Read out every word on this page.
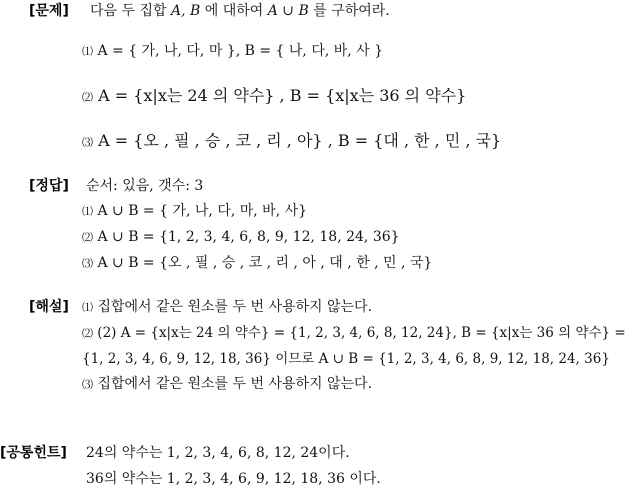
[문제] 다음 두 집합 A, B 에 대하여 A ∪ B 를 구하여라.
⑴ A = { 가, 나, 다, 마 }, B = { 나, 다, 바, 사 }
⑵ A = {x|x는 24 의 약수} , B = {x|x는 36 의 약수}
⑶ A = {오 , 필 , 승 , 코 , 리 , 아} , B = {대 , 한 , 민 , 국}
[정답] 순서: 있음, 갯수: 3
⑴ A ∪ B = { 가, 나, 다, 마, 바, 사}
⑵ A ∪ B = {1, 2, 3, 4, 6, 8, 9, 12, 18, 24, 36}
⑶ A ∪ B = {오 , 필 , 승 , 코 , 리 , 아 , 대 , 한 , 민 , 국}
[해설] ⑴ 집합에서 같은 원소를 두 번 사용하지 않는다.
⑵ (2) A = {x|x는 24 의 약수} = {1, 2, 3, 4, 6, 8, 12, 24}, B = {x|x는 36 의 약수} =
{1, 2, 3, 4, 6, 9, 12, 18, 36} 이므로 A ∪ B = {1, 2, 3, 4, 6, 8, 9, 12, 18, 24, 36}
⑶ 집합에서 같은 원소를 두 번 사용하지 않는다.
[공통힌트] 24의 약수는 1, 2, 3, 4, 6, 8, 12, 24이다.
36의 약수는 1, 2, 3, 4, 6, 9, 12, 18, 36 이다.
